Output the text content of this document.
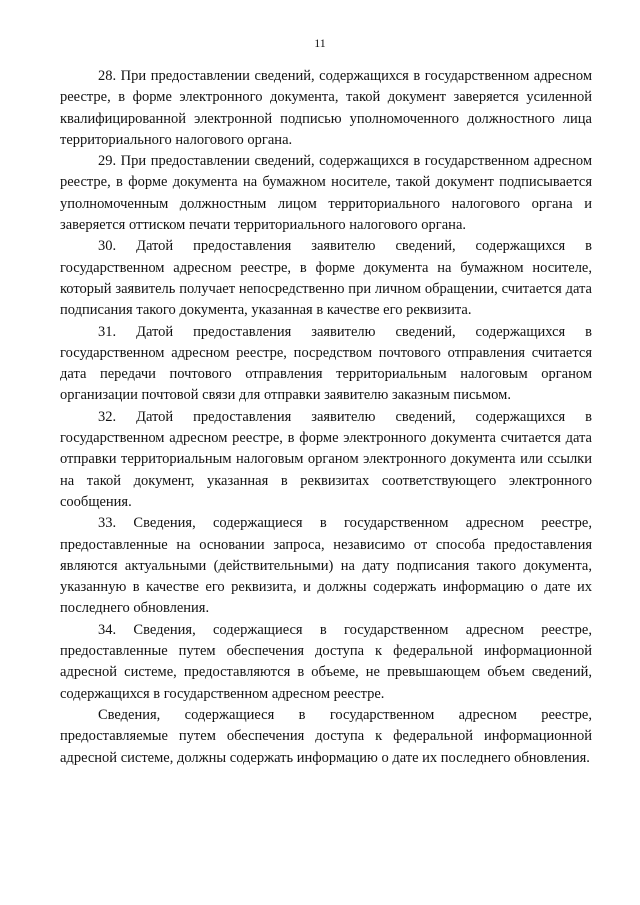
11

28. При предоставлении сведений, содержащихся в государственном адресном реестре, в форме электронного документа, такой документ заверяется усиленной квалифицированной электронной подписью уполномоченного должностного лица территориального налогового органа.

29. При предоставлении сведений, содержащихся в государственном адресном реестре, в форме документа на бумажном носителе, такой документ подписывается уполномоченным должностным лицом территориального налогового органа и заверяется оттиском печати территориального налогового органа.

30. Датой предоставления заявителю сведений, содержащихся в государственном адресном реестре, в форме документа на бумажном носителе, который заявитель получает непосредственно при личном обращении, считается дата подписания такого документа, указанная в качестве его реквизита.

31. Датой предоставления заявителю сведений, содержащихся в государственном адресном реестре, посредством почтового отправления считается дата передачи почтового отправления территориальным налоговым органом организации почтовой связи для отправки заявителю заказным письмом.

32. Датой предоставления заявителю сведений, содержащихся в государственном адресном реестре, в форме электронного документа считается дата отправки территориальным налоговым органом электронного документа или ссылки на такой документ, указанная в реквизитах соответствующего электронного сообщения.

33. Сведения, содержащиеся в государственном адресном реестре, предоставленные на основании запроса, независимо от способа предоставления являются актуальными (действительными) на дату подписания такого документа, указанную в качестве его реквизита, и должны содержать информацию о дате их последнего обновления.

34. Сведения, содержащиеся в государственном адресном реестре, предоставленные путем обеспечения доступа к федеральной информационной адресной системе, предоставляются в объеме, не превышающем объем сведений, содержащихся в государственном адресном реестре.

Сведения, содержащиеся в государственном адресном реестре, предоставляемые путем обеспечения доступа к федеральной информационной адресной системе, должны содержать информацию о дате их последнего обновления.
